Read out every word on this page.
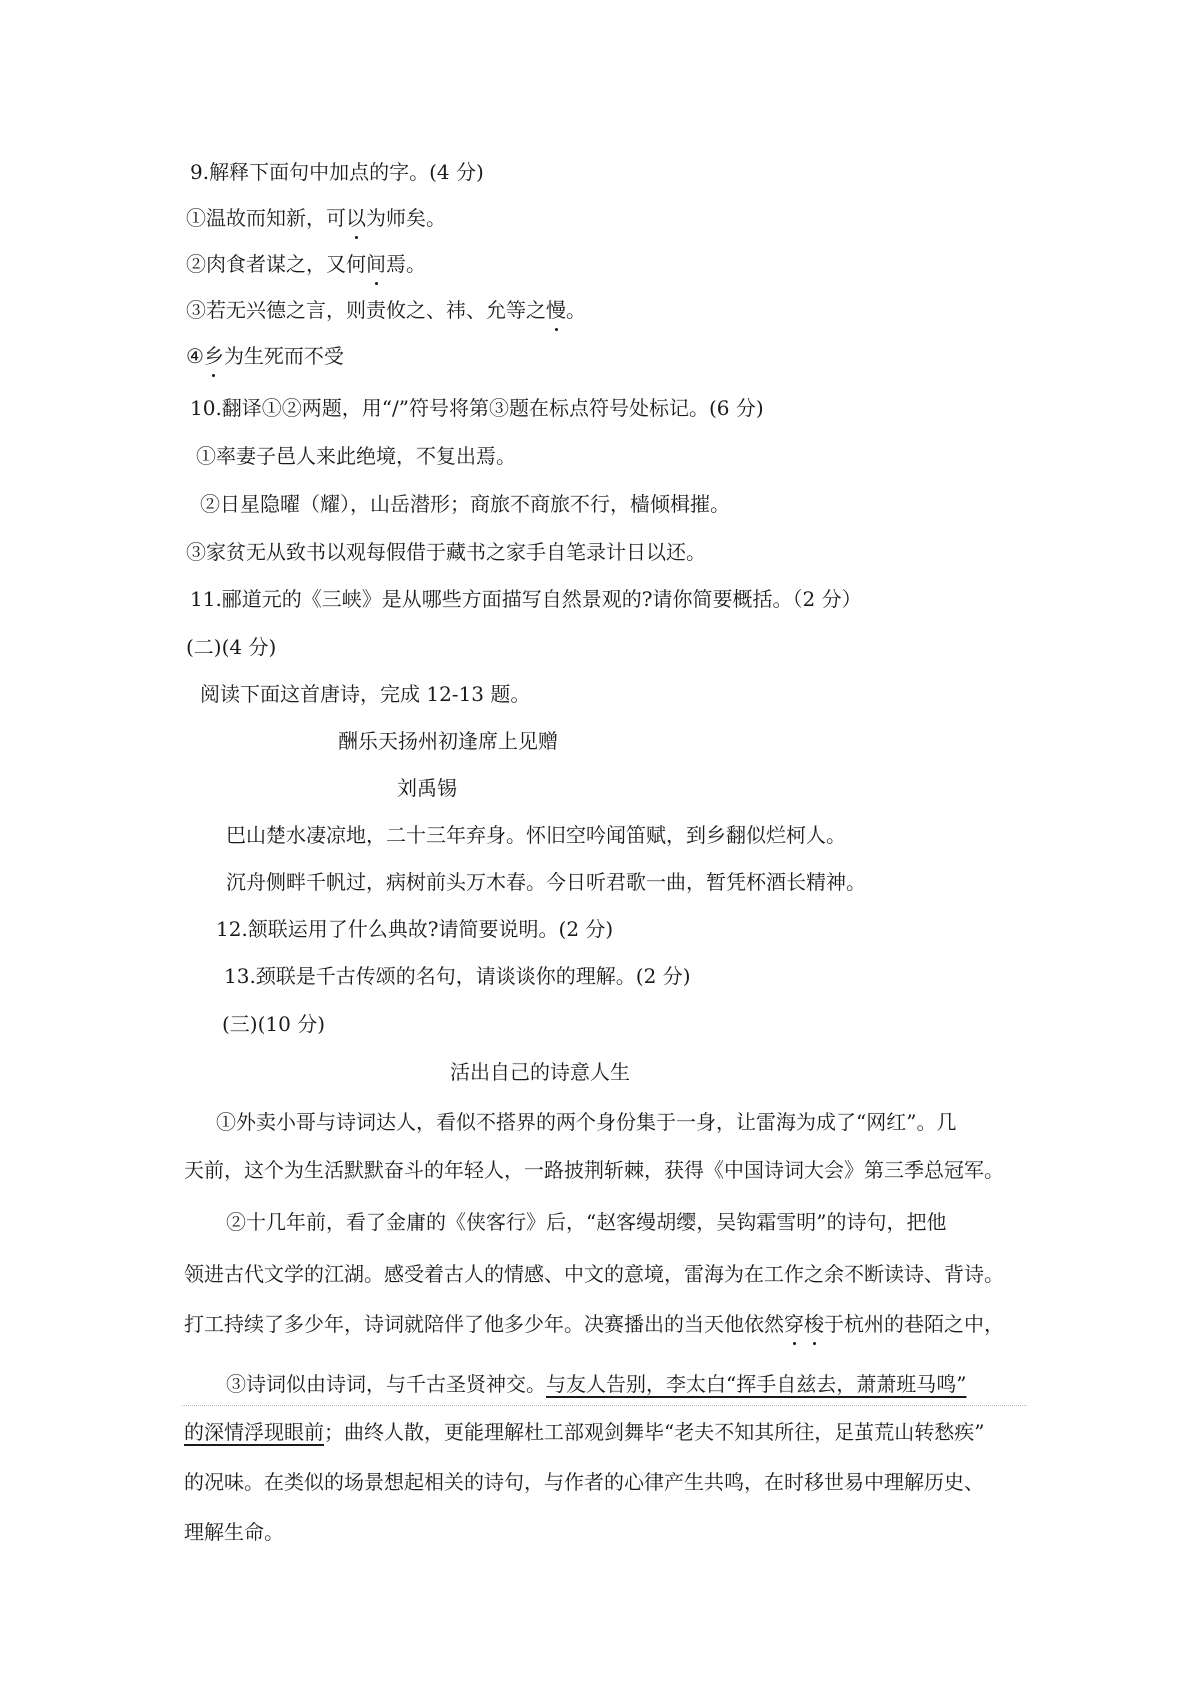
9.解释下面句中加点的字。(4 分)
①温故而知新，可以为师矣。
②肉食者谋之，又何间焉。
③若无兴德之言，则责攸之、祎、允等之慢。
④乡为生死而不受
10.翻译①②两题，用“/”符号将第③题在标点符号处标记。(6 分)
①率妻子邑人来此绝境，不复出焉。
②日星隐曜（耀），山岳潜形；商旅不商旅不行，樯倾楫摧。
③家贫无从致书以观每假借于藏书之家手自笔录计日以还。
11.郦道元的《三峡》是从哪些方面描写自然景观的?请你简要概括。（2 分）
(二)(4 分)
阅读下面这首唐诗，完成 12-13 题。
酬乐天扬州初逢席上见赠
刘禹锡
巴山楚水凄凉地，二十三年弃身。怀旧空吟闻笛赋，到乡翻似烂柯人。
沉舟侧畔千帆过，病树前头万木春。今日听君歌一曲，暂凭杯酒长精神。
12.颔联运用了什么典故?请简要说明。(2 分)
13.颈联是千古传颂的名句，请谈谈你的理解。(2 分)
(三)(10 分)
活出自己的诗意人生
①外卖小哥与诗词达人，看似不搭界的两个身份集于一身，让雷海为成了“网红”。几
天前，这个为生活默默奋斗的年轻人，一路披荆斩棘，获得《中国诗词大会》第三季总冠军。
②十几年前，看了金庸的《侠客行》后，“赵客缦胡缨，吴钩霜雪明”的诗句，把他
领进古代文学的江湖。感受着古人的情感、中文的意境，雷海为在工作之余不断读诗、背诗。
打工持续了多少年，诗词就陪伴了他多少年。决赛播出的当天他依然穿梭于杭州的巷陌之中，
③诗词似由诗词，与千古圣贤神交。与友人告别，李太白“挥手自兹去，萧萧班马鸣”
的深情浮现眼前；曲终人散，更能理解杜工部观剑舞毕“老夫不知其所往，足茧荒山转愁疾”
的况味。在类似的场景想起相关的诗句，与作者的心律产生共鸣，在时移世易中理解历史、
理解生命。
